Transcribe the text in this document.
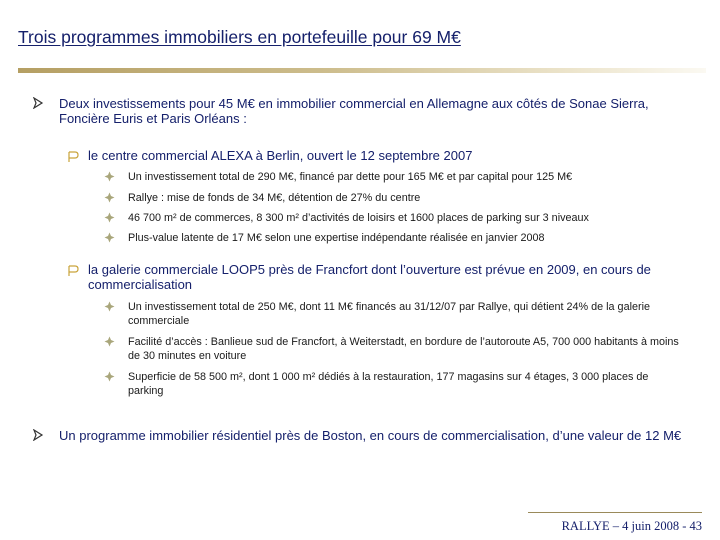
Trois programmes immobiliers en portefeuille pour 69 M€
Deux investissements pour 45 M€ en immobilier commercial en Allemagne aux côtés de Sonae Sierra, Foncière Euris et Paris Orléans :
le centre commercial ALEXA à Berlin, ouvert le 12 septembre 2007
Un investissement total de 290 M€, financé par dette pour 165 M€ et par capital pour 125 M€
Rallye : mise de fonds de 34 M€, détention de 27% du centre
46 700 m² de commerces, 8 300 m² d’activités de loisirs et 1600 places de parking sur 3 niveaux
Plus-value latente de 17 M€ selon une expertise indépendante réalisée en janvier 2008
la galerie commerciale LOOP5 près de Francfort dont l’ouverture est prévue en 2009, en cours de commercialisation
Un investissement total de 250 M€, dont 11 M€ financés au 31/12/07 par Rallye, qui détient 24% de la galerie commerciale
Facilité d’accès : Banlieue sud de Francfort, à Weiterstadt, en bordure de l’autoroute A5, 700 000 habitants à moins de 30 minutes en voiture
Superficie de 58 500 m², dont 1 000 m² dédiés à la restauration, 177 magasins sur 4 étages, 3 000 places de parking
Un programme immobilier résidentiel près de Boston, en cours de commercialisation, d’une valeur de 12 M€
RALLYE – 4 juin 2008 - 43
